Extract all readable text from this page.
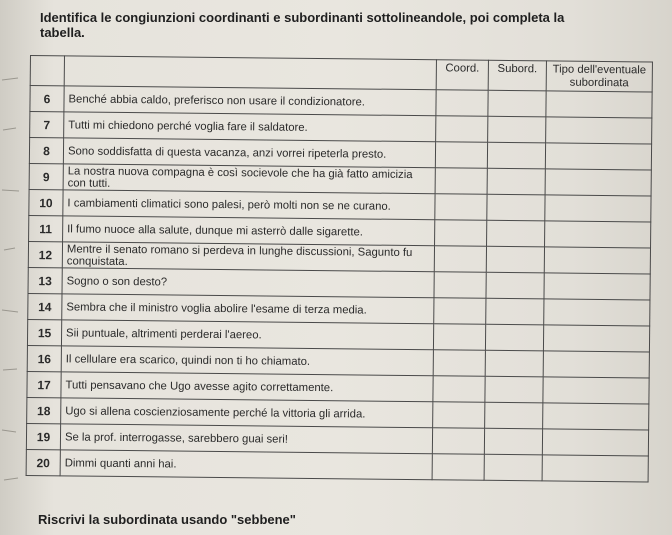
Identifica le congiunzioni coordinanti e subordinanti sottolineandole, poi completa la tabella.
		Coord.	Subord.	Tipo dell'eventuale subordinata
6	Benché abbia caldo, preferisco non usare il condizionatore.			
7	Tutti mi chiedono perché voglia fare il saldatore.			
8	Sono soddisfatta di questa vacanza, anzi vorrei ripeterla presto.			
9	La nostra nuova compagna è così socievole che ha già fatto amicizia con tutti.			
10	I cambiamenti climatici sono palesi, però molti non se ne curano.			
11	Il fumo nuoce alla salute, dunque mi asterrò dalle sigarette.			
12	Mentre il senato romano si perdeva in lunghe discussioni, Sagunto fu conquistata.			
13	Sogno o son desto?			
14	Sembra che il ministro voglia abolire l'esame di terza media.			
15	Sii puntuale, altrimenti perderai l'aereo.			
16	Il cellulare era scarico, quindi non ti ho chiamato.			
17	Tutti pensavano che Ugo avesse agito correttamente.			
18	Ugo si allena coscienziosamente perché la vittoria gli arrida.			
19	Se la prof. interrogasse, sarebbero guai seri!			
20	Dimmi quanti anni hai.			
Riscrivi la subordinata usando "sebbene"
